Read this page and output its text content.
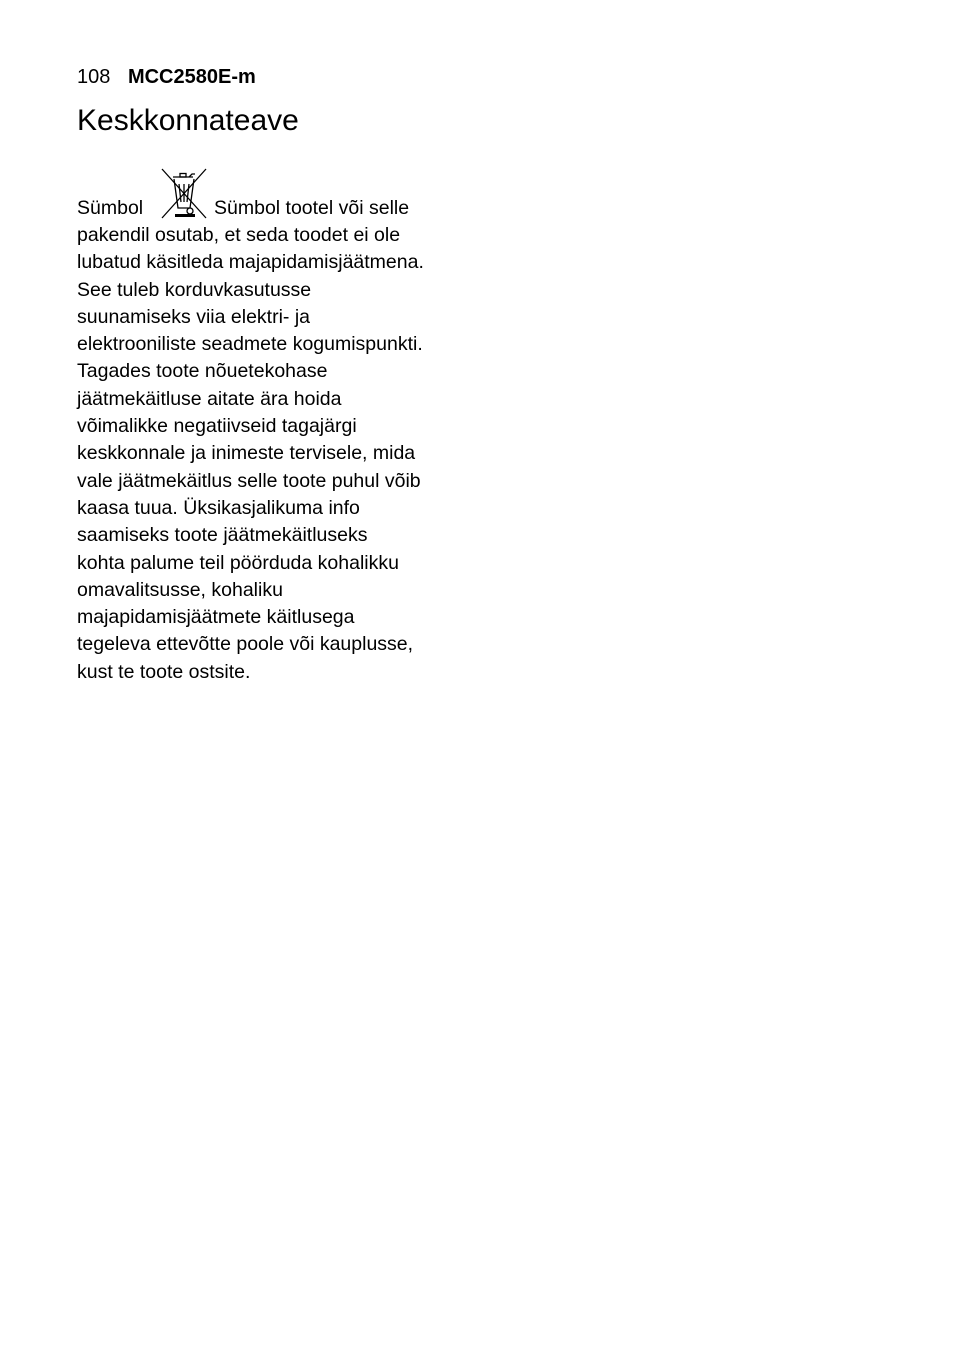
108 MCC2580E-m
Keskkonnateave
Sümbol	Sümbol tootel või selle
pakendil osutab, et seda toodet ei ole
lubatud käsitleda majapidamisjäätmena.
See tuleb korduvkasutusse
suunamiseks viia elektri- ja
elektrooniliste seadmete kogumispunkti.
Tagades toote nõuetekohase
jäätmekäitluse aitate ära hoida
võimalikke negatiivseid tagajärgi
keskkonnale ja inimeste tervisele, mida
vale jäätmekäitlus selle toote puhul võib
kaasa tuua. Üksikasjalikuma info
saamiseks toote jäätmekäitluseks
kohta palume teil pöörduda kohalikku
omavalitsusse, kohaliku
majapidamisjäätmete käitlusega
tegeleva ettevõtte poole või kauplusse,
kust te toote ostsite.
